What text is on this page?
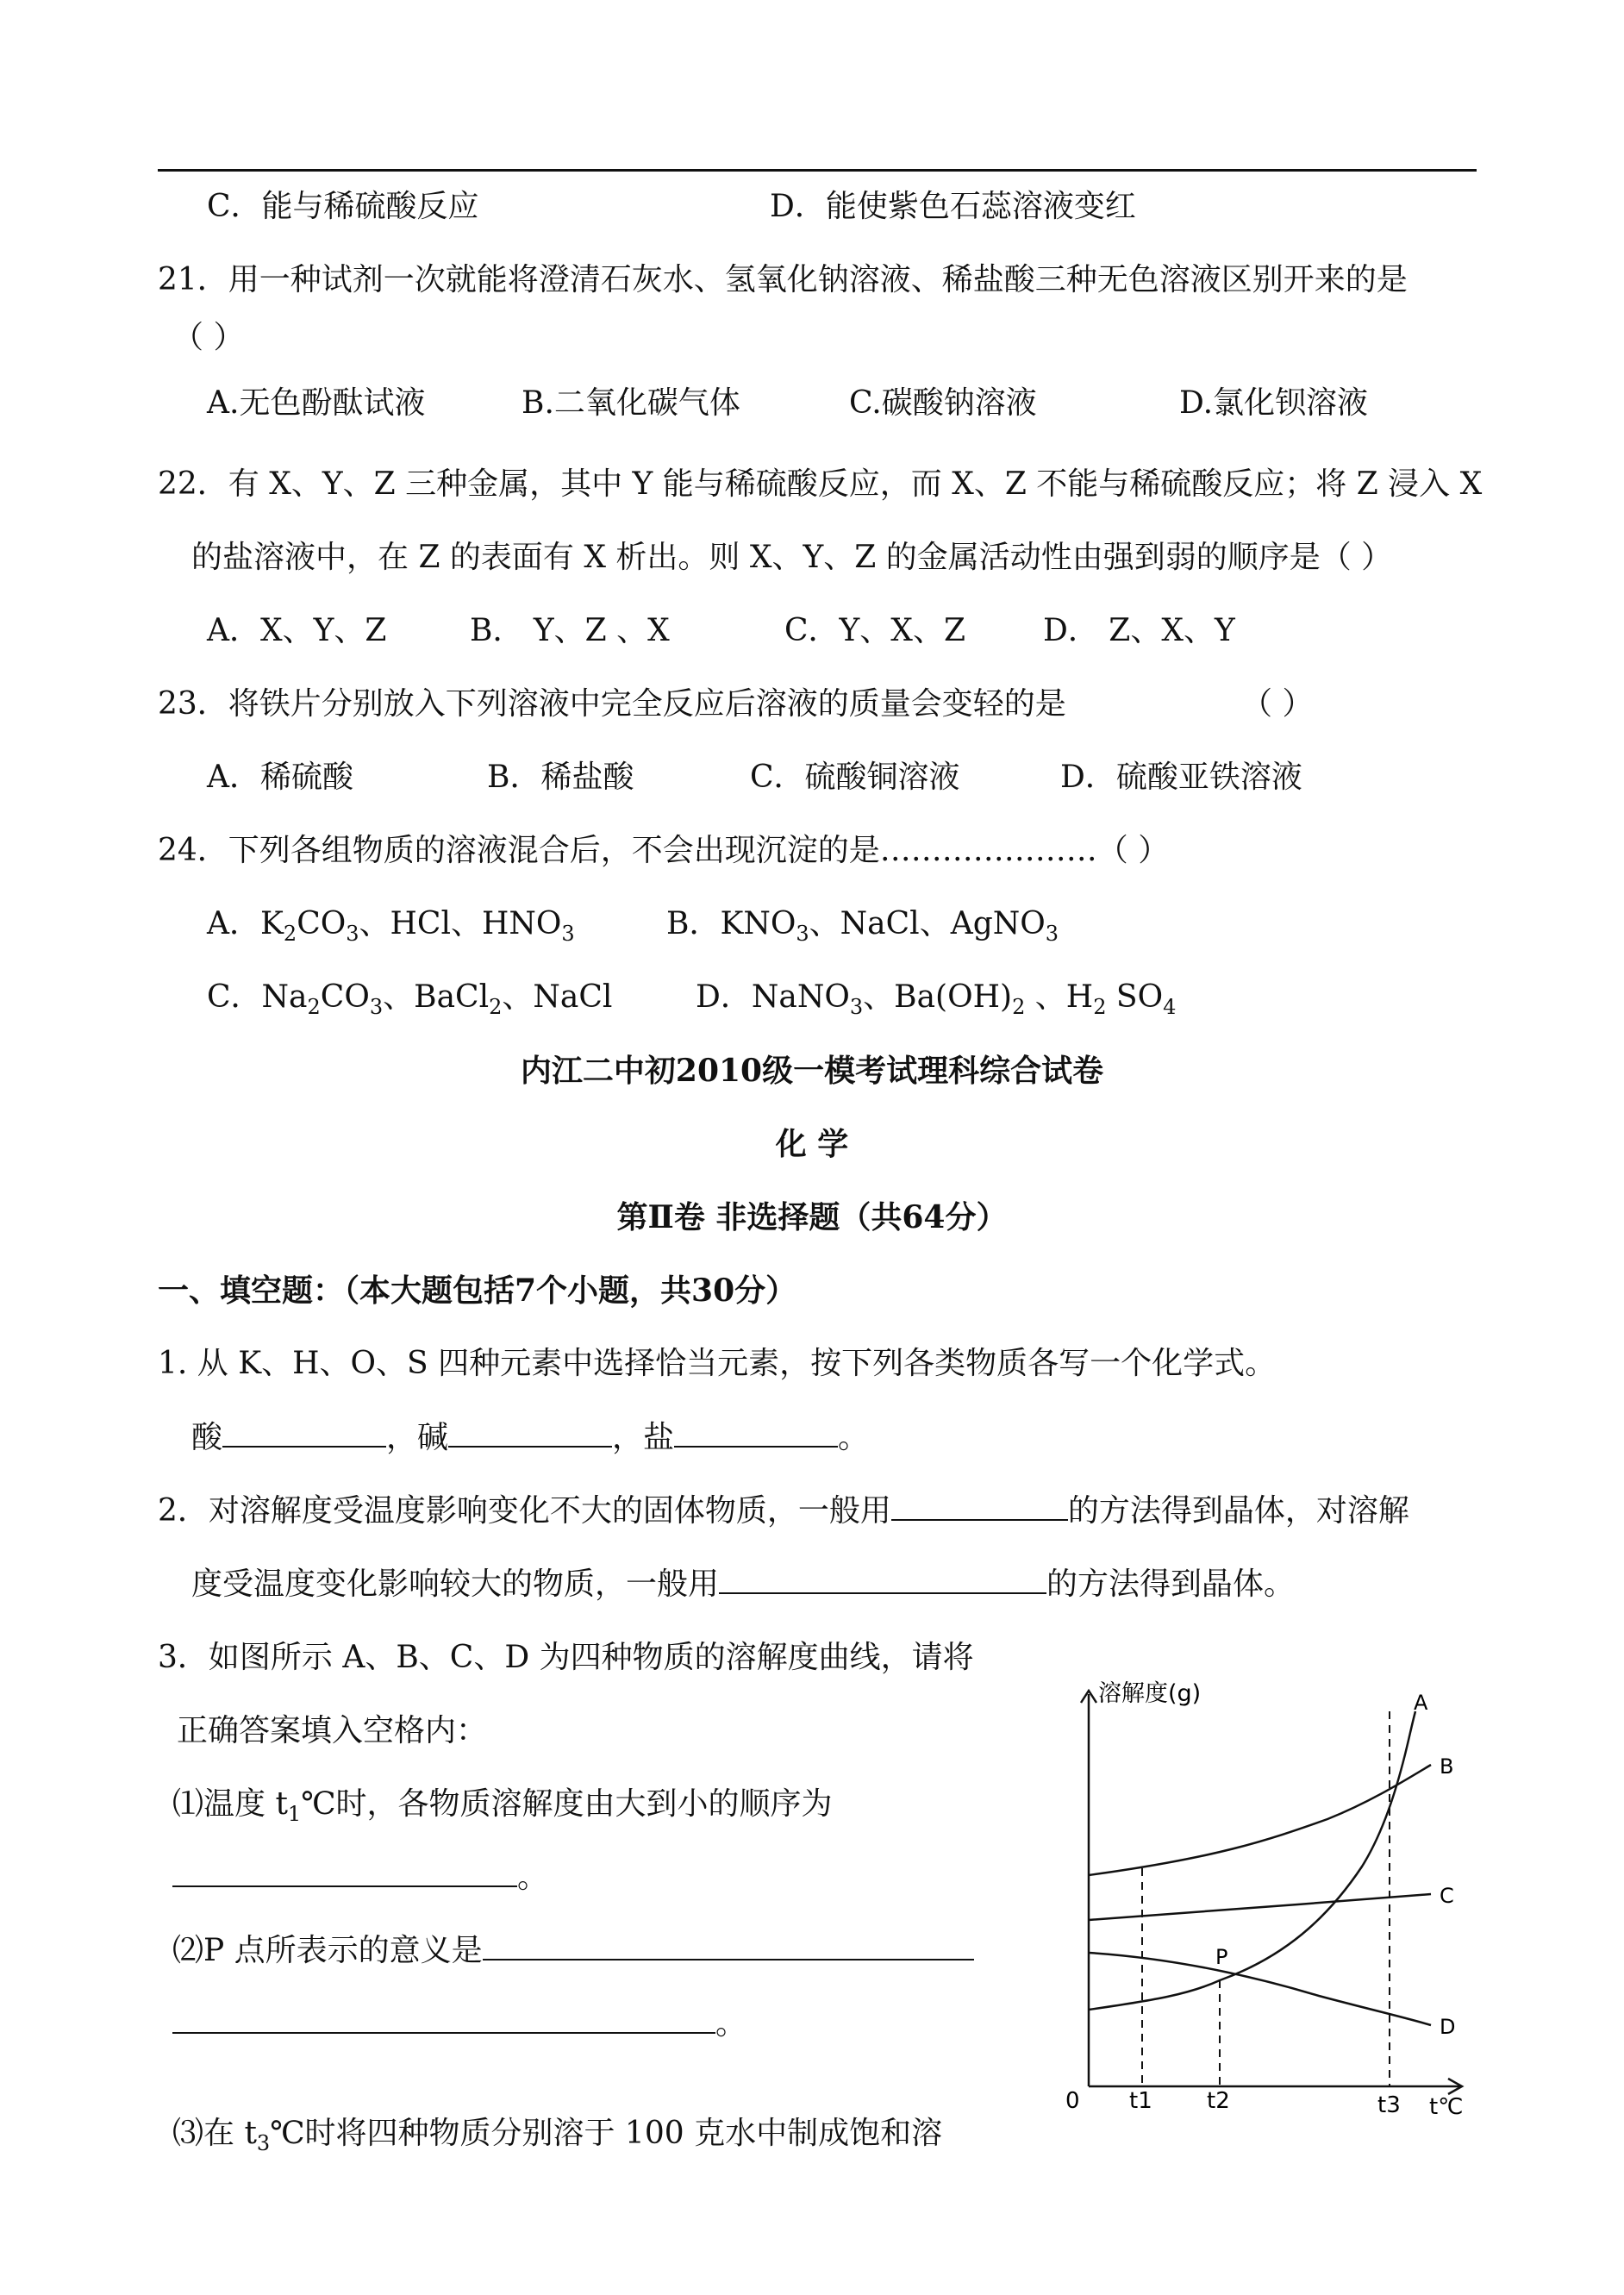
C．能与稀硫酸反应	D．能使紫色石蕊溶液变红
21．用一种试剂一次就能将澄清石灰水、氢氧化钠溶液、稀盐酸三种无色溶液区别开来的是
（ ）
A.无色酚酞试液	B.二氧化碳气体	C.碳酸钠溶液	D.氯化钡溶液
22．有 X、Y、Z 三种金属，其中 Y 能与稀硫酸反应，而 X、Z 不能与稀硫酸反应；将 Z 浸入 X
的盐溶液中，在 Z 的表面有 X 析出。则 X、Y、Z 的金属活动性由强到弱的顺序是（ ）
A．X、Y、Z	B． Y、Z 、X	C．Y、X、Z	D． Z、X、Y
23．将铁片分别放入下列溶液中完全反应后溶液的质量会变轻的是	（ ）
A．稀硫酸	B．稀盐酸	C．硫酸铜溶液	D．硫酸亚铁溶液
24．下列各组物质的溶液混合后，不会出现沉淀的是…………………（ ）
A．$K_2CO_3$、HCl、$HNO_3$	B．$KNO_3$、NaCl、AgNO$_3$
C．$Na_2CO_3$、BaCl$_2$、NaCl	D．NaNO$_3$、$Ba(OH)_2$ 、$H_2$ $SO_4$
内江二中初2010级一模考试理科综合试卷
化 学
第Ⅱ卷 非选择题（共64分）
一、填空题：（本大题包括7个小题，共30分）
1. 从 K、H、O、S 四种元素中选择恰当元素，按下列各类物质各写一个化学式。
酸	，碱	，盐	。
2．对溶解度受温度影响变化不大的固体物质，一般用	的方法得到晶体，对溶解
度受温度变化影响较大的物质，一般用	的方法得到晶体。
3．如图所示 A、B、C、D 为四种物质的溶解度曲线，请将
正确答案填入空格内：
⑴温度 $t_1℃$时，各物质溶解度由大到小的顺序为
。
⑵P 点所表示的意义是
。
⑶在 $t_3℃$时将四种物质分别溶于 100 克水中制成饱和溶
溶解度(g)
0	t℃
t1 t2	t3
A
B
C
D
P
